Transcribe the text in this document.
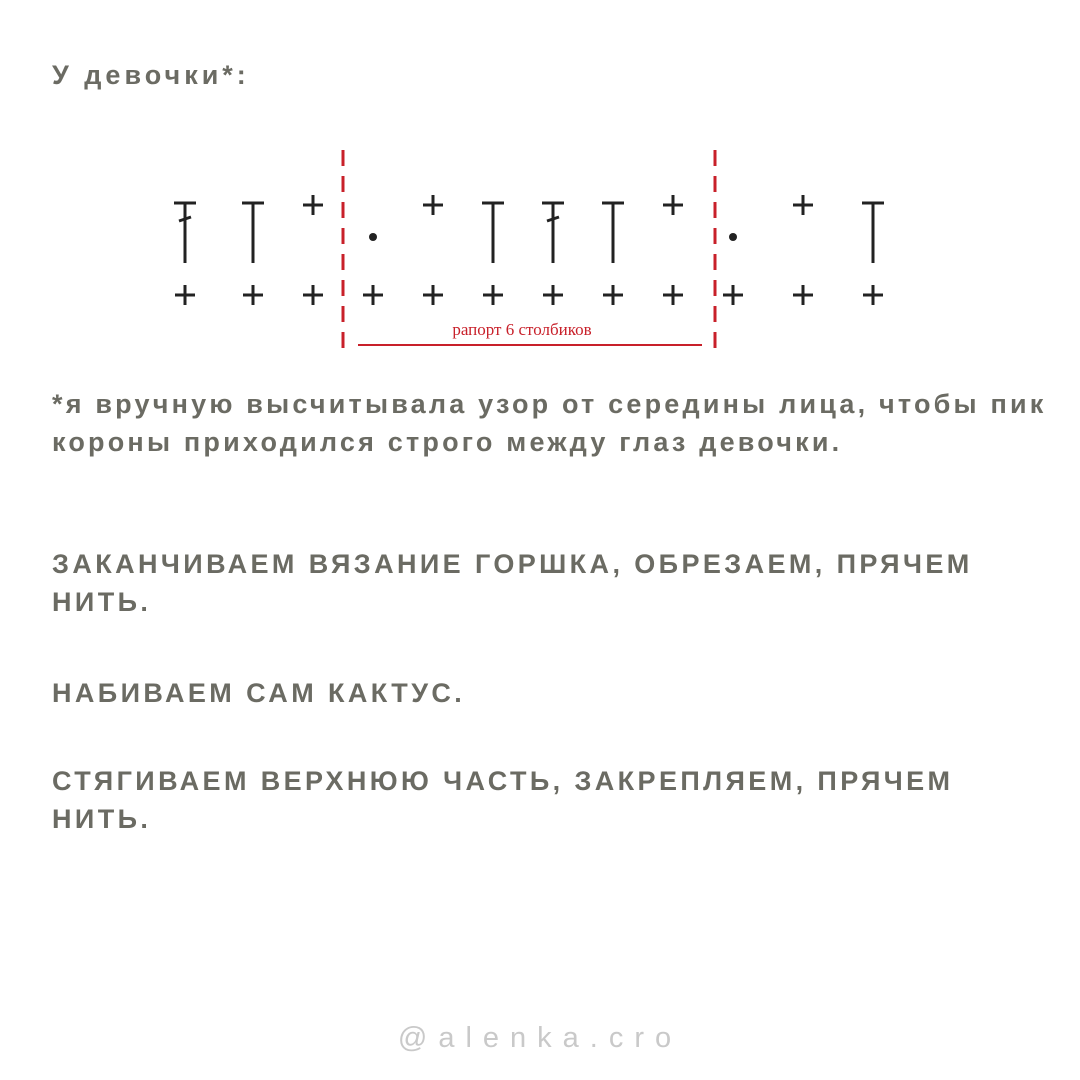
У девочки*:
рапорт 6 столбиков

*я вручную высчитывала узор от середины лица, чтобы пик короны приходился строго между глаз девочки.

ЗАКАНЧИВАЕМ ВЯЗАНИЕ ГОРШКА, ОБРЕЗАЕМ, ПРЯЧЕМ НИТЬ.

НАБИВАЕМ САМ КАКТУС.

СТЯГИВАЕМ ВЕРХНЮЮ ЧАСТЬ, ЗАКРЕПЛЯЕМ, ПРЯЧЕМ НИТЬ.

@alenka.cro
